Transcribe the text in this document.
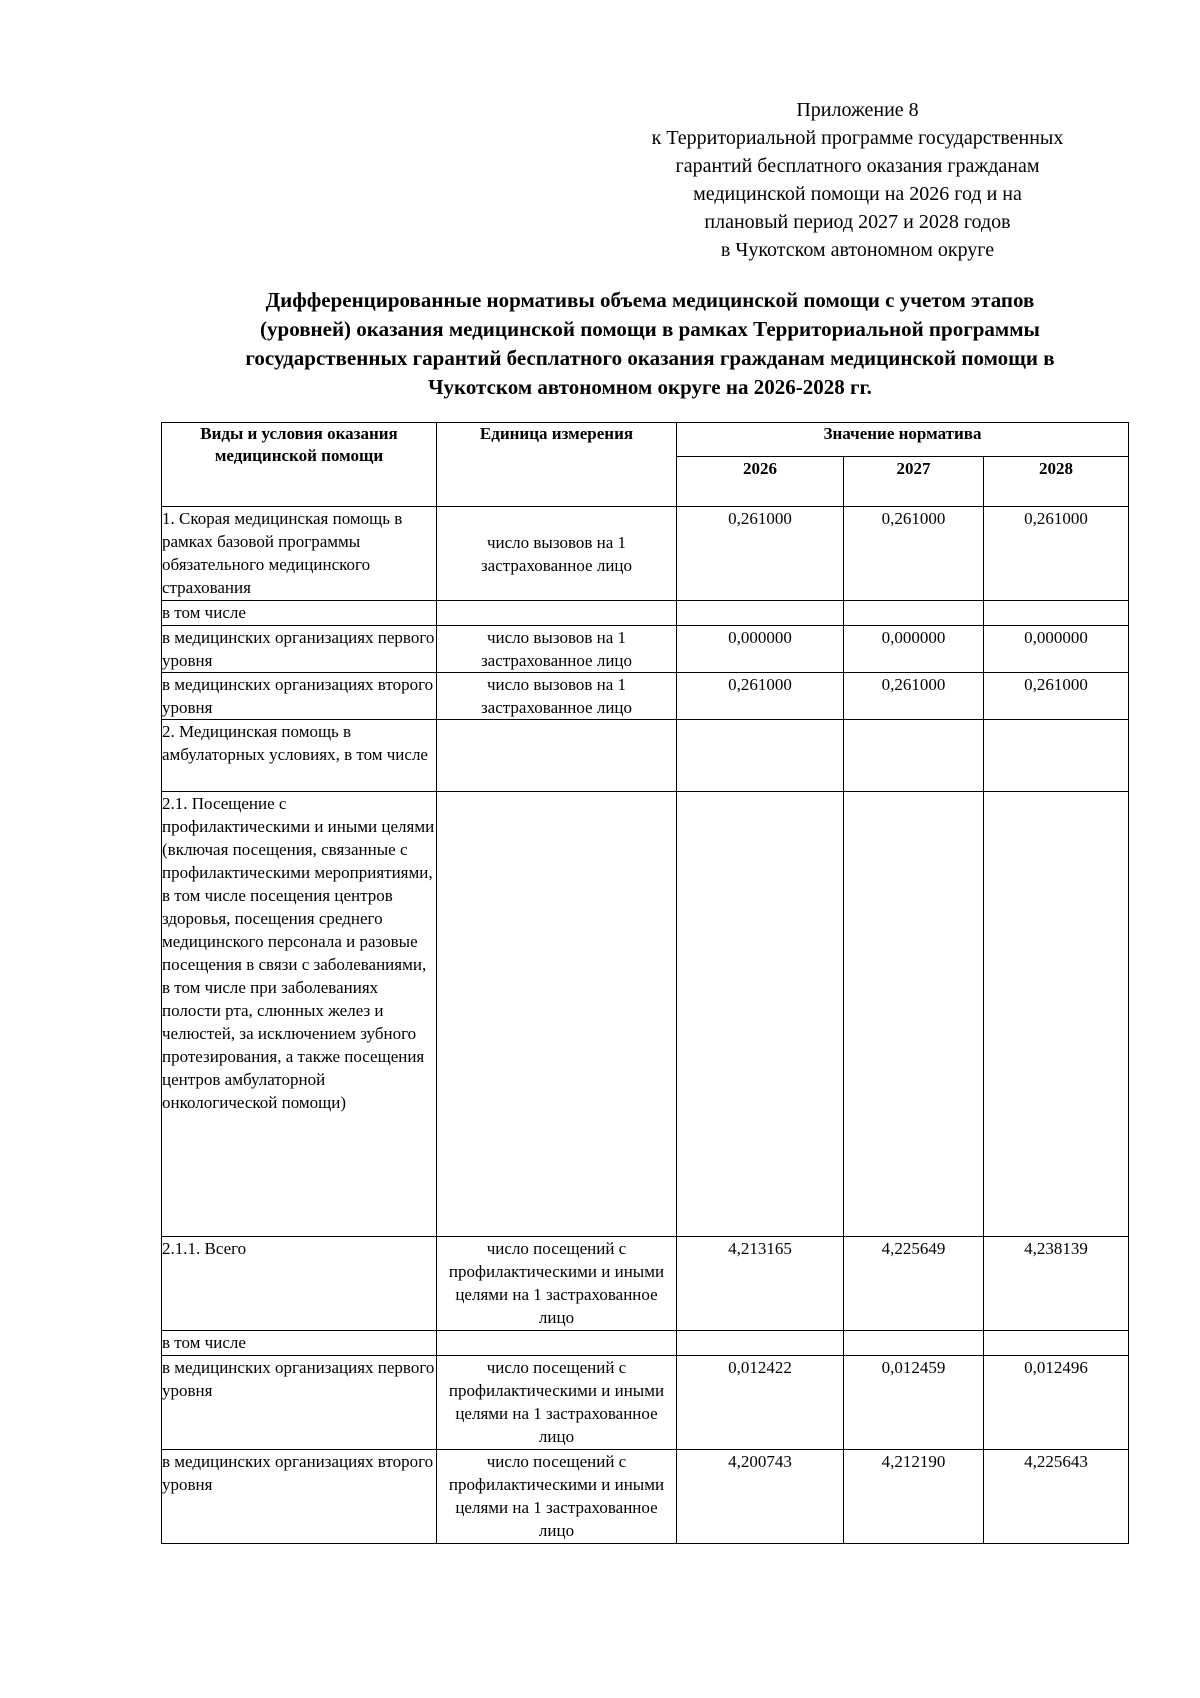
Приложение 8
к Территориальной программе государственных
гарантий бесплатного оказания гражданам
медицинской помощи на 2026 год и на
плановый период 2027 и 2028 годов
в Чукотском автономном округе
Дифференцированные нормативы объема медицинской помощи с учетом этапов
(уровней) оказания медицинской помощи в рамках Территориальной программы
государственных гарантий бесплатного оказания гражданам медицинской помощи в
Чукотском автономном округе на 2026-2028 гг.
Виды и условия оказания медицинской помощи	Единица измерения	Значение норматива		
		2026	2027	2028
1. Скорая медицинская помощь в рамках базовой программы обязательного медицинского страхования	число вызовов на 1 застрахованное лицо	0,261000	0,261000	0,261000
в том числе				
в медицинских организациях первого уровня	число вызовов на 1 застрахованное лицо	0,000000	0,000000	0,000000
в медицинских организациях второго уровня	число вызовов на 1 застрахованное лицо	0,261000	0,261000	0,261000
2. Медицинская помощь в амбулаторных условиях, в том числе				
2.1. Посещение с профилактическими и иными целями (включая посещения, связанные с профилактическими мероприятиями, в том числе посещения центров здоровья, посещения среднего медицинского персонала и разовые посещения в связи с заболеваниями, в том числе при заболеваниях полости рта, слюнных желез и челюстей, за исключением зубного протезирования, а также посещения центров амбулаторной онкологической помощи)				
2.1.1. Всего	число посещений с профилактическими и иными целями на 1 застрахованное лицо	4,213165	4,225649	4,238139
в том числе				
в медицинских организациях первого уровня	число посещений с профилактическими и иными целями на 1 застрахованное лицо	0,012422	0,012459	0,012496
в медицинских организациях второго уровня	число посещений с профилактическими и иными целями на 1 застрахованное лицо	4,200743	4,212190	4,225643
